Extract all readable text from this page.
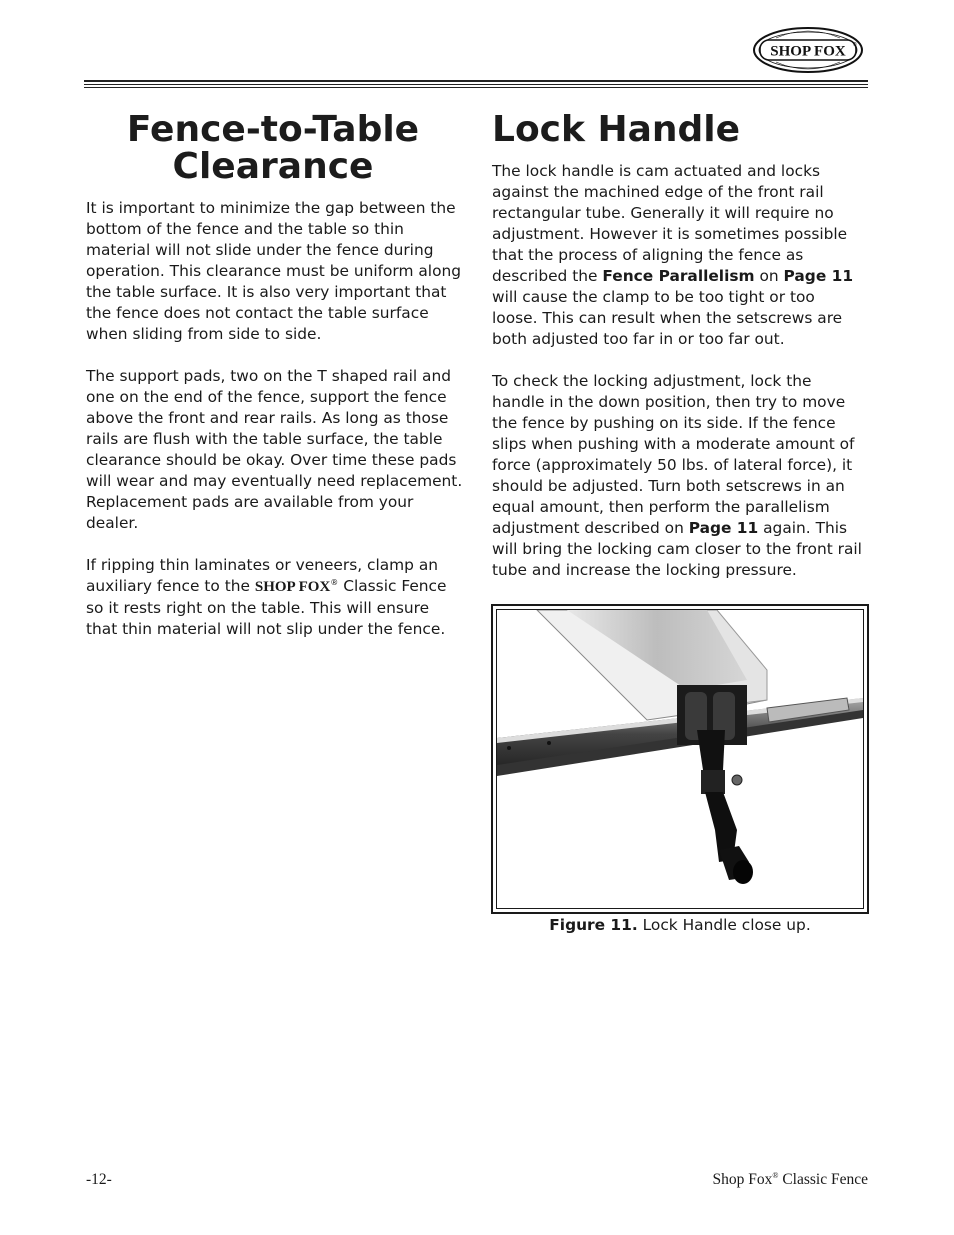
SHOP FOX ®
Fence-to-Table
Clearance

It is important to minimize the gap between the bottom of the fence and the table so thin material will not slide under the fence during operation. This clearance must be uniform along the table surface. It is also very important that the fence does not contact the table surface when sliding from side to side.

The support pads, two on the T shaped rail and one on the end of the fence, support the fence above the front and rear rails. As long as those rails are flush with the table surface, the table clearance should be okay. Over time these pads will wear and may eventually need replacement. Replacement pads are available from your dealer.

If ripping thin laminates or veneers, clamp an auxiliary fence to the SHOP FOX® Classic Fence so it rests right on the table. This will ensure that thin material will not slip under the fence.

Lock Handle

The lock handle is cam actuated and locks against the machined edge of the front rail rectangular tube. Generally it will require no adjustment. However it is sometimes possible that the process of aligning the fence as described the Fence Parallelism on Page 11 will cause the clamp to be too tight or too loose. This can result when the setscrews are both adjusted too far in or too far out.

To check the locking adjustment, lock the handle in the down position, then try to move the fence by pushing on its side. If the fence slips when pushing with a moderate amount of force (approximately 50 lbs. of lateral force), it should be adjusted. Turn both setscrews in an equal amount, then perform the parallelism adjustment described on Page 11 again. This will bring the locking cam closer to the front rail tube and increase the locking pressure.

Figure 11. Lock Handle close up.
-12-	Shop Fox® Classic Fence
